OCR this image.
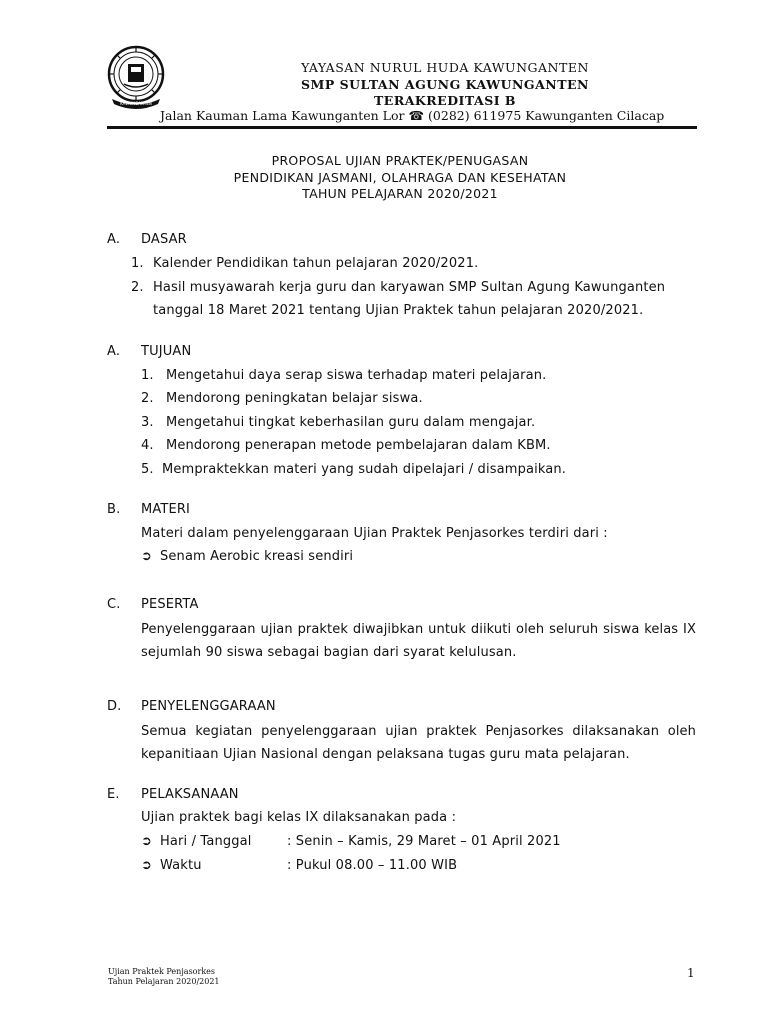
KAWUNGANTEN
YAYASAN NURUL HUDA KAWUNGANTEN
SMP SULTAN AGUNG KAWUNGANTEN
TERAKREDITASI B
Jalan Kauman Lama Kawunganten Lor ☎ (0282) 611975 Kawunganten Cilacap
PROPOSAL UJIAN PRAKTEK/PENUGASAN
PENDIDIKAN JASMANI, OLAHRAGA DAN KESEHATAN
TAHUN PELAJARAN 2020/2021
A. DASAR
1. Kalender Pendidikan tahun pelajaran 2020/2021.
2. Hasil musyawarah kerja guru dan karyawan SMP Sultan Agung Kawunganten
tanggal 18 Maret 2021 tentang Ujian Praktek tahun pelajaran 2020/2021.
A. TUJUAN
1. Mengetahui daya serap siswa terhadap materi pelajaran.
2. Mendorong peningkatan belajar siswa.
3. Mengetahui tingkat keberhasilan guru dalam mengajar.
4. Mendorong penerapan metode pembelajaran dalam KBM.
5. Mempraktekkan materi yang sudah dipelajari / disampaikan.
B. MATERI
Materi dalam penyelenggaraan Ujian Praktek Penjasorkes terdiri dari :
➲ Senam Aerobic kreasi sendiri
C. PESERTA
Penyelenggaraan ujian praktek diwajibkan untuk diikuti oleh seluruh siswa kelas IX
sejumlah 90 siswa sebagai bagian dari syarat kelulusan.
D. PENYELENGGARAAN
Semua kegiatan penyelenggaraan ujian praktek Penjasorkes dilaksanakan oleh
kepanitiaan Ujian Nasional dengan pelaksana tugas guru mata pelajaran.
E. PELAKSANAAN
Ujian praktek bagi kelas IX dilaksanakan pada :
➲ Hari / Tanggal	: Senin – Kamis, 29 Maret – 01 April 2021
➲ Waktu	: Pukul 08.00 – 11.00 WIB
Ujian Praktek Penjasorkes
Tahun Pelajaran 2020/2021
1
